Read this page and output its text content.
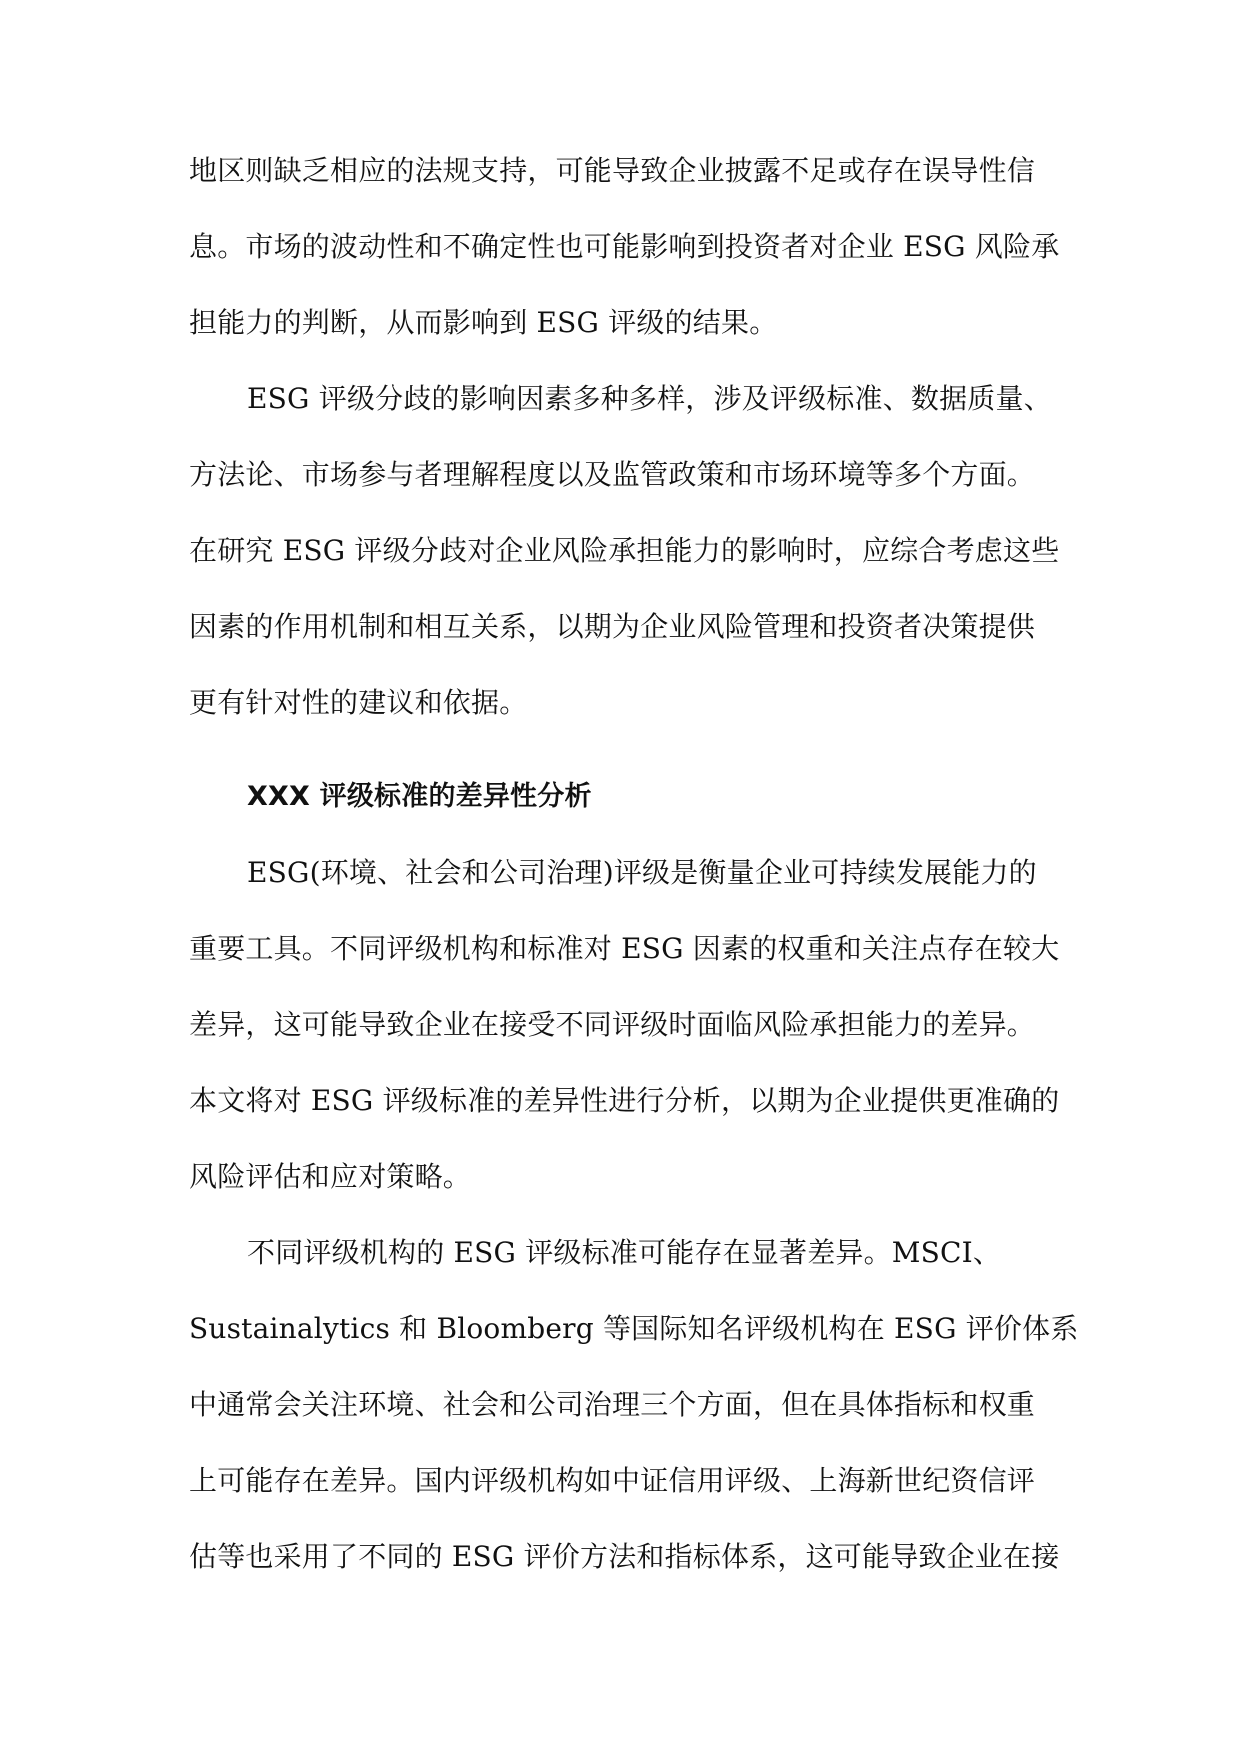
地区则缺乏相应的法规支持，可能导致企业披露不足或存在误导性信
息。市场的波动性和不确定性也可能影响到投资者对企业 ESG 风险承
担能力的判断，从而影响到 ESG 评级的结果。
ESG 评级分歧的影响因素多种多样，涉及评级标准、数据质量、
方法论、市场参与者理解程度以及监管政策和市场环境等多个方面。
在研究 ESG 评级分歧对企业风险承担能力的影响时，应综合考虑这些
因素的作用机制和相互关系，以期为企业风险管理和投资者决策提供
更有针对性的建议和依据。
XXX 评级标准的差异性分析
ESG(环境、社会和公司治理)评级是衡量企业可持续发展能力的
重要工具。不同评级机构和标准对 ESG 因素的权重和关注点存在较大
差异，这可能导致企业在接受不同评级时面临风险承担能力的差异。
本文将对 ESG 评级标准的差异性进行分析，以期为企业提供更准确的
风险评估和应对策略。
不同评级机构的 ESG 评级标准可能存在显著差异。MSCI、
Sustainalytics 和 Bloomberg 等国际知名评级机构在 ESG 评价体系
中通常会关注环境、社会和公司治理三个方面，但在具体指标和权重
上可能存在差异。国内评级机构如中证信用评级、上海新世纪资信评
估等也采用了不同的 ESG 评价方法和指标体系，这可能导致企业在接
